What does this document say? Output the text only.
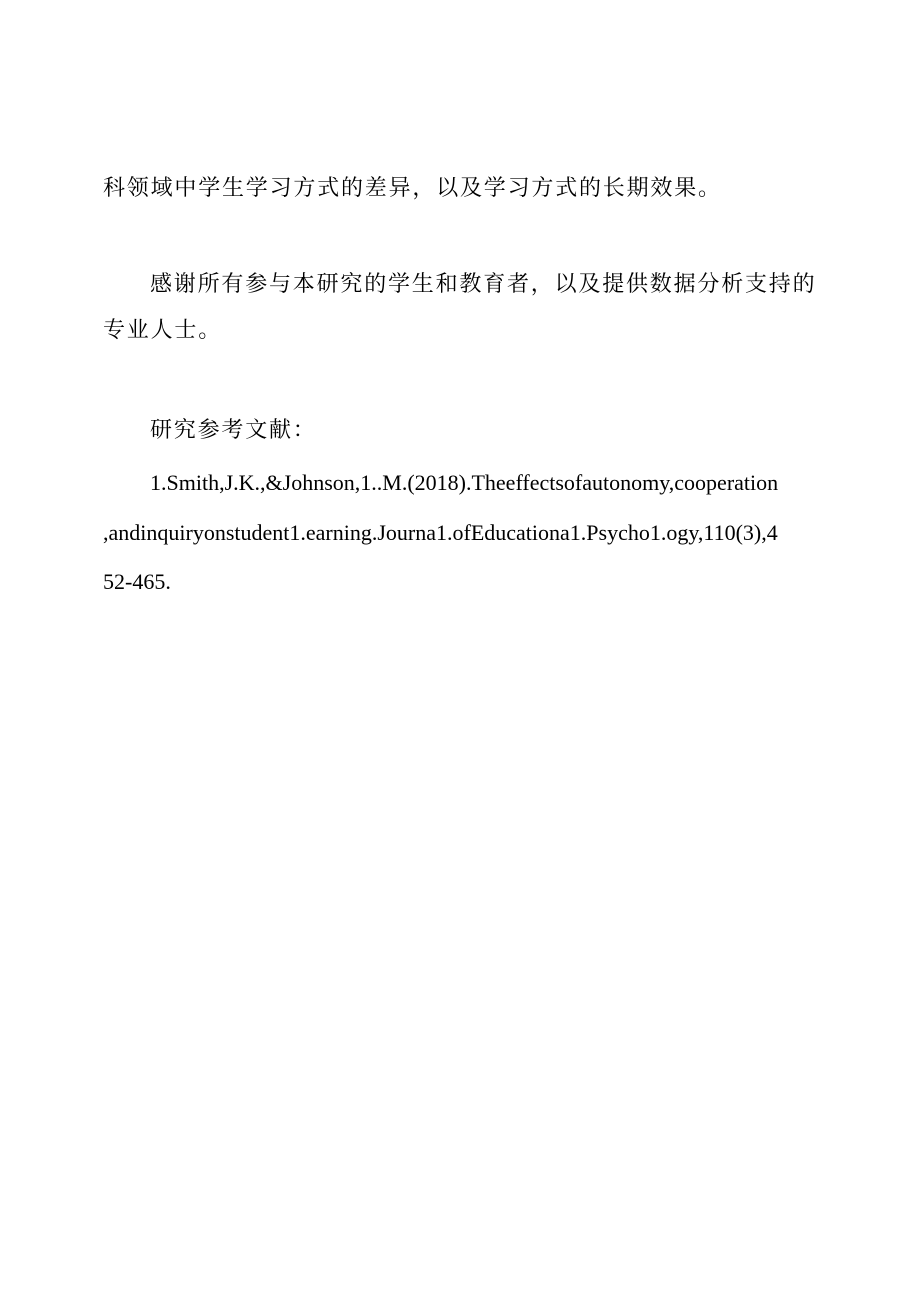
科领域中学生学习方式的差异，以及学习方式的长期效果。
感谢所有参与本研究的学生和教育者，以及提供数据分析支持的
专业人士。
研究参考文献：
1.Smith,J.K.,&Johnson,1..M.(2018).Theeffectsofautonomy,cooperation
,andinquiryonstudent1.earning.Journa1.ofEducationa1.Psycho1.ogy,110(3),4
52-465.
